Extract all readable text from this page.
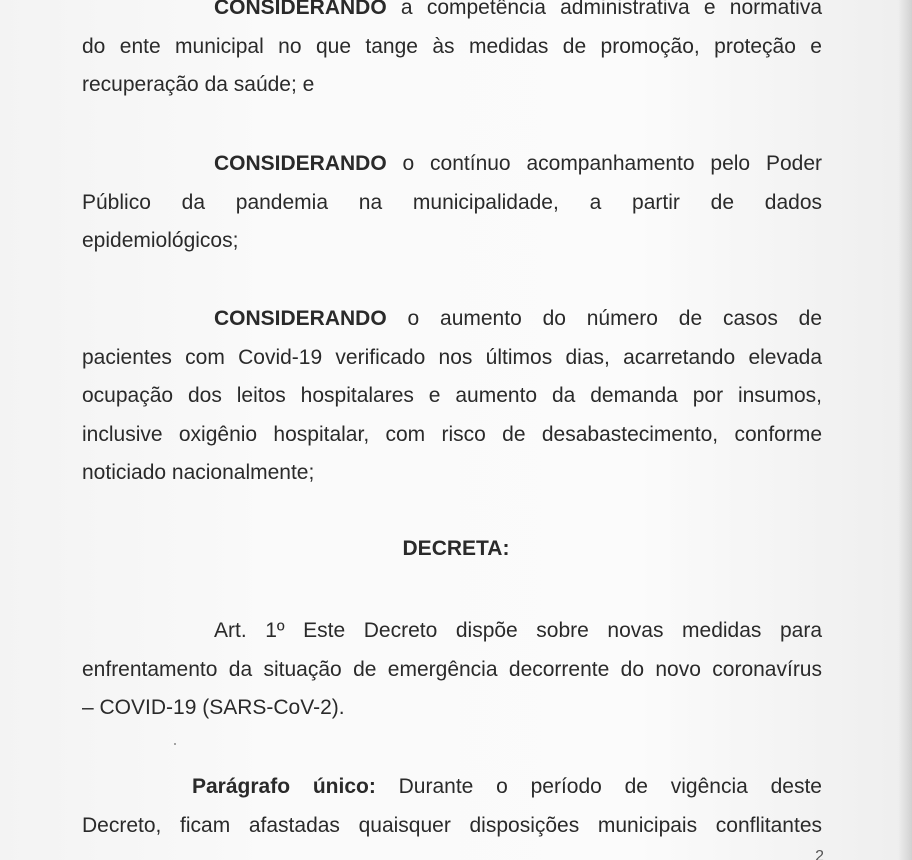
CONSIDERANDO a competência administrativa e normativa
do ente municipal no que tange às medidas de promoção, proteção e
recuperação da saúde; e
CONSIDERANDO o contínuo acompanhamento pelo Poder
Público da pandemia na municipalidade, a partir de dados
epidemiológicos;
CONSIDERANDO o aumento do número de casos de
pacientes com Covid-19 verificado nos últimos dias, acarretando elevada
ocupação dos leitos hospitalares e aumento da demanda por insumos,
inclusive oxigênio hospitalar, com risco de desabastecimento, conforme
noticiado nacionalmente;
DECRETA:
Art. 1º Este Decreto dispõe sobre novas medidas para
enfrentamento da situação de emergência decorrente do novo coronavírus
– COVID-19 (SARS-CoV-2).
Parágrafo único: Durante o período de vigência deste
Decreto, ficam afastadas quaisquer disposições municipais conflitantes
2
